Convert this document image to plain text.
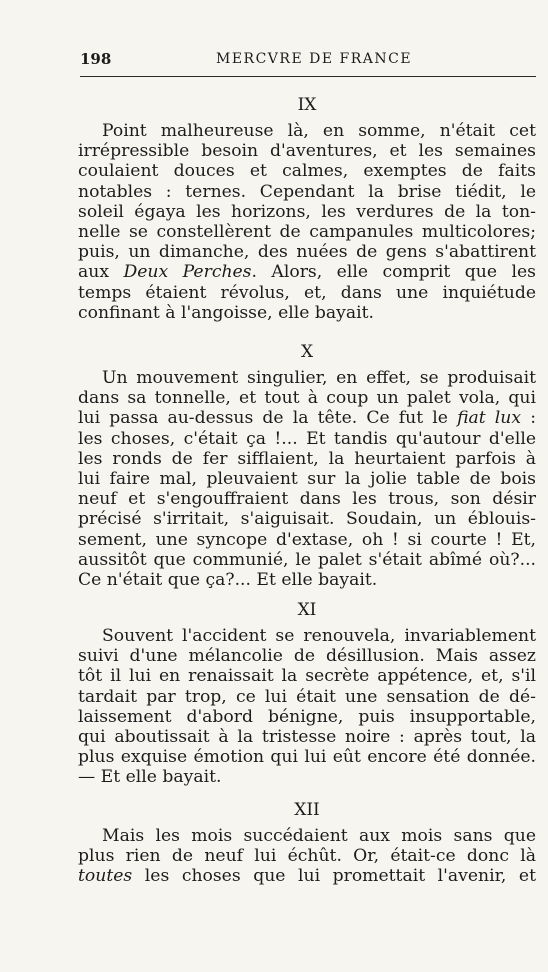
198	MERCVRE DE FRANCE
IX
Point malheureuse là, en somme, n'était cet
irrépressible besoin d'aventures, et les semaines
coulaient douces et calmes, exemptes de faits
notables : ternes. Cependant la brise tiédit, le
soleil égaya les horizons, les verdures de la ton-
nelle se constellèrent de campanules multicolores;
puis, un dimanche, des nuées de gens s'abattirent
aux Deux Perches. Alors, elle comprit que les
temps étaient révolus, et, dans une inquiétude
confinant à l'angoisse, elle bayait.
X
Un mouvement singulier, en effet, se produisait
dans sa tonnelle, et tout à coup un palet vola, qui
lui passa au-dessus de la tête. Ce fut le fiat lux :
les choses, c'était ça !... Et tandis qu'autour d'elle
les ronds de fer sifflaient, la heurtaient parfois à
lui faire mal, pleuvaient sur la jolie table de bois
neuf et s'engouffraient dans les trous, son désir
précisé s'irritait, s'aiguisait. Soudain, un éblouis-
sement, une syncope d'extase, oh ! si courte ! Et,
aussitôt que communié, le palet s'était abîmé où?...
Ce n'était que ça?... Et elle bayait.
XI
Souvent l'accident se renouvela, invariablement
suivi d'une mélancolie de désillusion. Mais assez
tôt il lui en renaissait la secrète appétence, et, s'il
tardait par trop, ce lui était une sensation de dé-
laissement d'abord bénigne, puis insupportable,
qui aboutissait à la tristesse noire : après tout, la
plus exquise émotion qui lui eût encore été donnée.
— Et elle bayait.
XII
Mais les mois succédaient aux mois sans que
plus rien de neuf lui échût. Or, était-ce donc là
toutes les choses que lui promettait l'avenir, et
